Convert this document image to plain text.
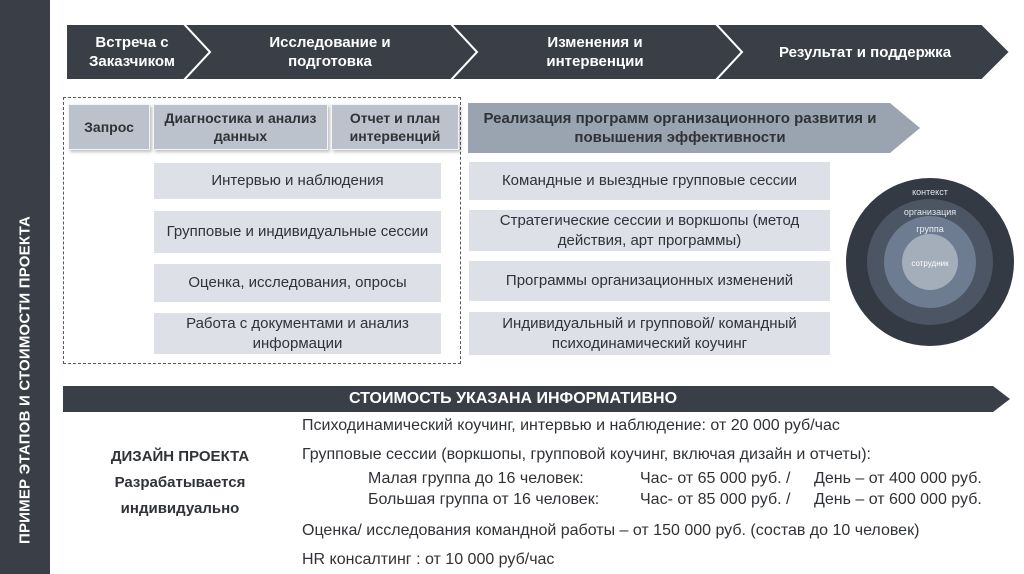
ПРИМЕР ЭТАПОВ И СТОИМОСТИ ПРОЕКТА
Встреча с Заказчиком
Исследование и подготовка
Изменения и интервенции
Результат и поддержка
Запрос
Диагностика и анализ данных
Отчет и план интервенций
Интервью и наблюдения
Групповые и индивидуальные сессии
Оценка, исследования, опросы
Работа с документами и анализ информации
Реализация программ организационного развития и повышения эффективности
Командные и выездные групповые сессии
Стратегические сессии и воркшопы (метод действия, арт программы)
Программы организационных изменений
Индивидуальный и групповой/ командный психодинамический коучинг
контекст
организация
группа
сотрудник
СТОИМОСТЬ УКАЗАНА ИНФОРМАТИВНО
ДИЗАЙН ПРОЕКТА
Разрабатывается
индивидуально
Психодинамический коучинг, интервью и наблюдение: от 20 000 руб/час
Групповые сессии (воркшопы, групповой коучинг, включая дизайн и отчеты):
Малая группа до 16 человек:	Час- от 65 000 руб. / День – от 400 000 руб.
Большая группа от 16 человек:	Час- от 85 000 руб. / День – от 600 000 руб.
Оценка/ исследования командной работы – от 150 000 руб. (состав до 10 человек)
HR консалтинг : от 10 000 руб/час
